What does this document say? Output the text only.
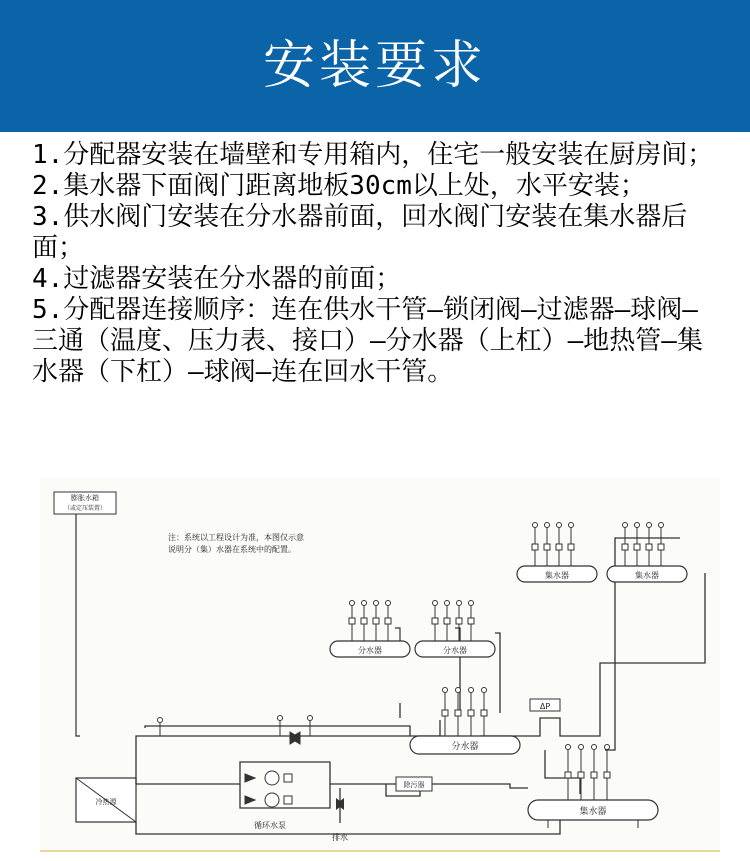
安装要求
1.分配器安装在墙壁和专用箱内，住宅一般安装在厨房间；
2.集水器下面阀门距离地板30cm以上处，水平安装；
3.供水阀门安装在分水器前面，回水阀门安装在集水器后面；
4.过滤器安装在分水器的前面；
5.分配器连接顺序：连在供水干管—锁闭阀—过滤器—球阀—三通（温度、压力表、接口）—分水器（上杠）—地热管—集水器（下杠）—球阀—连在回水干管。
膨胀水箱
（或定压装置）
注：系统以工程设计为准，本图仅示意
说明分（集）水器在系统中的配置。
冷热源
循环水泵
除污器
排水
ΔP
分水器
分水器	分水器
集水器	集水器
集水器
